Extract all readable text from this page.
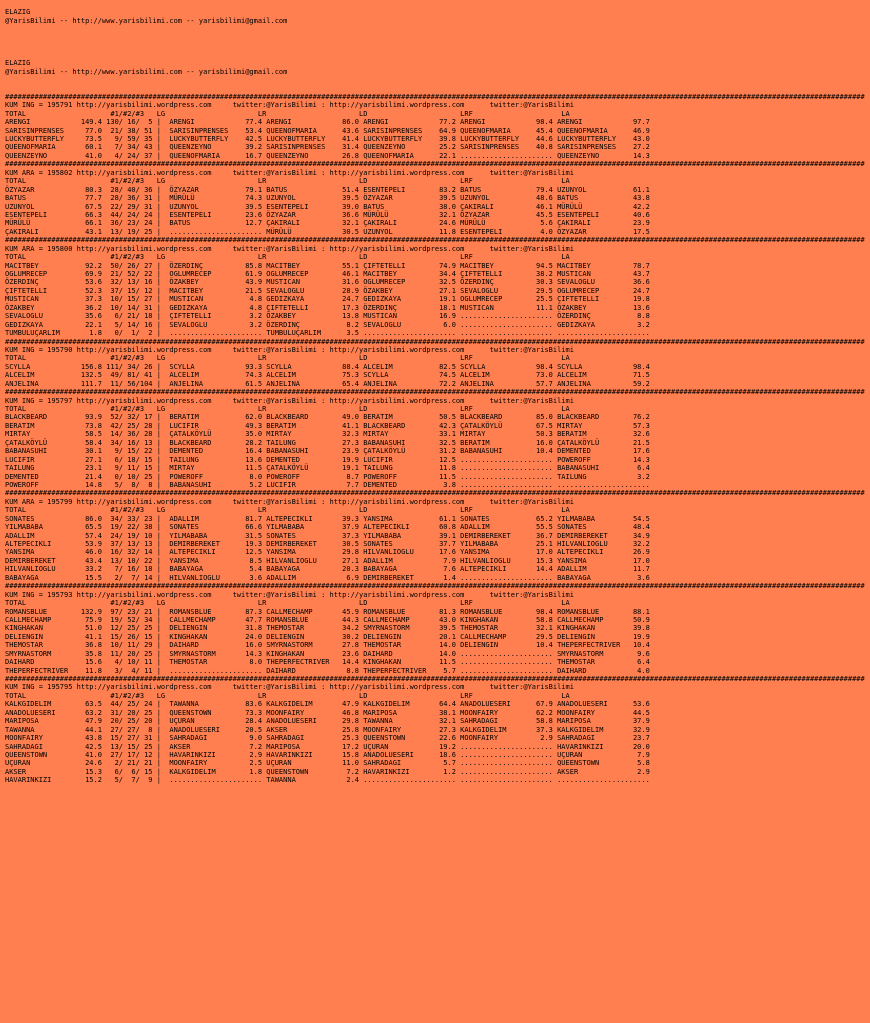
ELAZIG
@YarisBilimi -- http://www.yarisbilimi.com -- yarisbilimi@gmail.com
ELAZIG
@YarisBilimi -- http://www.yarisbilimi.com -- yarisbilimi@gmail.com
############################################################################################################################################################################################################
KUM ING = 195791 http://yarisbilimi.wordpress.com     twitter:@YarisBilimi : http://yarisbilimi.wordpress.com      twitter:@YarisBilimi
TOTAL                    #1/#2/#3   LG                      LR                      LD                      LRF                     LA
ARENGI            149.4 130/ 16/  5 |  ARENGI            77.4 ARENGI            86.0 ARENGI            77.2 ARENGI            98.4 ARENGI            97.7
SARISINPRENSES     77.0  21/ 38/ 51 |  SARISINPRENSES    53.4 QUEENOFMARIA      43.6 SARISINPRENSES    64.9 QUEENOFMARIA      45.4 QUEENOFMARIA      46.9
LUCKYBUTTERFLY     73.5   9/ 59/ 35 |  LUCKYBUTTERFLY    42.5 LUCKYBUTTERFLY    41.4 LUCKYBUTTERFLY    39.8 LUCKYBUTTERFLY    44.6 LUCKYBUTTERFLY    43.0
QUEENOFMARIA       60.1   7/ 34/ 43 |  QUEENZEYNO        39.2 SARISINPRENSES    31.4 QUEENZEYNO        25.2 SARISINPRENSES    40.8 SARISINPRENSES    27.2
QUEENZEYNO         41.0   4/ 24/ 37 |  QUEENOFMARIA      16.7 QUEENZEYNO        26.8 QUEENOFMARIA      22.1 ...................... QUEENZEYNO        14.3
############################################################################################################################################################################################################
KUM ARA = 195802 http://yarisbilimi.wordpress.com     twitter:@YarisBilimi : http://yarisbilimi.wordpress.com      twitter:@YarisBilimi
TOTAL                    #1/#2/#3   LG                      LR                      LD                      LRF                     LA
ÖZYAZAR            80.3  28/ 40/ 36 |  ÖZYAZAR           79.1 BATUS             51.4 ESENTEPELI        83.2 BATUS             79.4 UZUNYOL           61.1
BATUS              77.7  28/ 36/ 31 |  MÜRÜLÜ            74.3 UZUNYOL           39.5 ÖZYAZAR           39.5 UZUNYOL           48.6 BATUS             43.8
UZUNYOL            67.5  22/ 29/ 31 |  UZUNYOL           39.5 ESENTEPELI        39.0 BATUS             38.0 ÇAKIRALI          46.1 MÜRÜLÜ            42.2
ESENTEPELI         66.3  44/ 24/ 24 |  ESENTEPELI        23.6 ÖZYAZAR           36.6 MÜRÜLÜ            32.1 ÖZYAZAR           45.5 ESENTEPELI        40.6
MÜRÜLÜ             66.1  36/ 23/ 24 |  BATUS             12.7 ÇAKIRALI          32.1 ÇAKIRALI          24.6 MÜRÜLÜ             5.6 ÇAKIRALI          23.9
ÇAKIRALI           43.1  13/ 19/ 25 |  ...................... MÜRÜLÜ            30.5 UZUNYOL           11.8 ESENTEPELI         4.0 ÖZYAZAR           17.5
############################################################################################################################################################################################################
KUM ARA = 195800 http://yarisbilimi.wordpress.com     twitter:@YarisBilimi : http://yarisbilimi.wordpress.com      twitter:@YarisBilimi
TOTAL                    #1/#2/#3   LG                      LR                      LD                      LRF                     LA
MACITBEY           92.2  50/ 26/ 27 |  ÖZERDINÇ          85.8 MACITBEY          55.1 ÇIFTETELLI        74.9 MACITBEY          94.5 MACITBEY          78.7
OGLUMRECEP         69.9  21/ 52/ 22 |  OGLUMRECEP        61.9 OGLUMRECEP        46.1 MACITBEY          34.4 ÇIFTETELLI        38.2 MUSTICAN          43.7
ÖZERDINÇ           53.6  32/ 13/ 16 |  ÖZAKBEY           43.9 MUSTICAN          31.6 OGLUMRECEP        32.5 ÖZERDINÇ          30.3 SEVALOGLU         36.6
ÇIFTETELLI         52.3  37/ 15/ 12 |  MACITBEY          21.5 SEVALOGLU         28.9 ÖZAKBEY           27.1 SEVALOGLU         29.5 OGLUMRECEP        24.7
MUSTICAN           37.3  10/ 15/ 27 |  MUSTICAN           4.8 GEDIZKAYA         24.7 GEDIZKAYA         19.1 OGLUMRECEP        25.5 ÇIFTETELLI        19.8
ÖZAKBEY            36.2  10/ 14/ 31 |  GEDIZKAYA          4.8 ÇIFTETELLI        17.3 ÖZERDINÇ          18.1 MUSTICAN          11.1 ÖZAKBEY           13.6
SEVALOGLU          35.6   6/ 21/ 18 |  ÇIFTETELLI         3.2 ÖZAKBEY           13.8 MUSTICAN          16.9 ...................... ÖZERDINÇ           8.8
GEDIZKAYA          22.1   5/ 14/ 16 |  SEVALOGLU          3.2 ÖZERDINÇ           8.2 SEVALOGLU          6.0 ...................... GEDIZKAYA          3.2
TUMBULUÇARLIM       1.8   0/  1/  2 |  ...................... TUMBULUÇARLIM      3.5 ...................... ...................... ......................
############################################################################################################################################################################################################
KUM ING = 195790 http://yarisbilimi.wordpress.com     twitter:@YarisBilimi : http://yarisbilimi.wordpress.com      twitter:@YarisBilimi
TOTAL                    #1/#2/#3   LG                      LR                      LD                      LRF                     LA
SCYLLA            156.8 111/ 34/ 26 |  SCYLLA            93.3 SCYLLA            88.4 ALCELIM           82.5 SCYLLA            98.4 SCYLLA            98.4
ALCELIM           132.5  49/ 81/ 41 |  ALCELIM           74.3 ALCELIM           75.3 SCYLLA            74.5 ALCELIM           73.0 ALCELIM           71.5
ANJELINA          111.7  11/ 56/104 |  ANJELINA          61.5 ANJELINA          65.4 ANJELINA          72.2 ANJELINA          57.7 ANJELINA          59.2
############################################################################################################################################################################################################
KUM ING = 195797 http://yarisbilimi.wordpress.com     twitter:@YarisBilimi : http://yarisbilimi.wordpress.com      twitter:@YarisBilimi
TOTAL                    #1/#2/#3   LG                      LR                      LD                      LRF                     LA
BLACKBEARD         93.9  52/ 32/ 17 |  BERATIM           62.0 BLACKBEARD        49.0 BERATIM           50.5 BLACKBEARD        85.0 BLACKBEARD        76.2
BERATIM            73.8  42/ 25/ 28 |  LUCIFIR           49.3 BERATIM           41.1 BLACKBEARD        42.3 ÇATALKÖYLÜ        67.5 MIRTAY            57.3
MIRTAY             58.5  14/ 36/ 28 |  ÇATALKÖYLÜ        35.0 MIRTAY            32.3 MIRTAY            33.1 MIRTAY            50.3 BERATIM           32.6
ÇATALKÖYLÜ         58.4  34/ 16/ 13 |  BLACKBEARD        28.2 TAILUNG           27.3 BABANASUHI        32.5 BERATIM           16.0 ÇATALKÖYLÜ        21.5
BABANASUHI         30.1   9/ 15/ 22 |  DEMENTED          16.4 BABANASUHI        23.9 ÇATALKÖYLÜ        31.2 BABANASUHI        10.4 DEMENTED          17.6
LUCIFIR            27.1   6/ 18/ 15 |  TAILUNG           13.6 DEMENTED          19.9 LUCIFIR           12.5 ...................... POWEROFF          14.3
TAILUNG            23.1   9/ 11/ 15 |  MIRTAY            11.5 ÇATALKÖYLÜ        19.1 TAILUNG           11.8 ...................... BABANASUHI         6.4
DEMENTED           21.4   0/ 10/ 25 |  POWEROFF           8.0 POWEROFF           8.7 POWEROFF          11.5 ...................... TAILUNG            3.2
POWEROFF           14.8   5/  8/  8 |  BABANASUHI         5.2 LUCIFIR            7.7 DEMENTED           3.8 ...................... ......................
############################################################################################################################################################################################################
KUM ARA = 195799 http://yarisbilimi.wordpress.com     twitter:@YarisBilimi : http://yarisbilimi.wordpress.com      twitter:@YarisBilimi
TOTAL                    #1/#2/#3   LG                      LR                      LD                      LRF                     LA
SONATES            86.0  34/ 33/ 23 |  ADALLIM           81.7 ALTEPECIKLI       39.3 YANSIMA           61.1 SONATES           65.2 YILMABABA         54.5
YILMABABA          65.5  19/ 22/ 38 |  SONATES           66.6 YILMABABA         37.9 ALTEPECIKLI       60.8 ADALLIM           55.5 SONATES           48.4
ADALLIM            57.4  24/ 19/ 10 |  YILMABABA         31.5 SONATES           37.3 YILMABABA         39.1 DEMIRBEREKET      36.7 DEMIRBEREKET      34.9
ALTEPECIKLI        53.9  37/ 13/ 13 |  DEMIRBEREKET      19.3 DEMIRBEREKET      30.5 SONATES           37.7 YILMABABA         25.1 HILVANLIOGLU      32.2
YANSIMA            46.0  16/ 32/ 14 |  ALTEPECIKLI       12.5 YANSIMA           29.8 HILVANLIOGLU      17.6 YANSIMA           17.0 ALTEPECIKLI       26.9
DEMIRBEREKET       43.4  13/ 10/ 22 |  YANSIMA            8.5 HILVANLIOGLU      27.1 ADALLIM            7.9 HILVANLIOGLU      15.3 YANSIMA           17.0
HILVANLIOGLU       33.2   7/ 16/ 18 |  BABAYAGA           5.4 BABAYAGA          20.3 BABAYAGA           7.6 ALTEPECIKLI       14.4 ADALLIM           11.7
BABAYAGA           15.5   2/  7/ 14 |  HILVANLIOGLU       3.6 ADALLIM            6.9 DEMIRBEREKET       1.4 ...................... BABAYAGA           3.6
############################################################################################################################################################################################################
KUM ING = 195793 http://yarisbilimi.wordpress.com     twitter:@YarisBilimi : http://yarisbilimi.wordpress.com      twitter:@YarisBilimi
TOTAL                    #1/#2/#3   LG                      LR                      LD                      LRF                     LA
ROMANSBLUE        132.9  97/ 23/ 21 |  ROMANSBLUE        87.3 CALLMECHAMP       45.9 ROMANSBLUE        81.3 ROMANSBLUE        98.4 ROMANSBLUE        88.1
CALLMECHAMP        75.9  19/ 52/ 34 |  CALLMECHAMP       47.7 ROMANSBLUE        44.3 CALLMECHAMP       43.0 KINGHAKAN         58.8 CALLMECHAMP       50.9
KINGHAKAN          51.0  12/ 25/ 25 |  DELIENGIN         31.8 THEMOSTAR         34.2 SMYRNASTORM       39.5 THEMOSTAR         32.1 KINGHAKAN         39.8
DELIENGIN          41.1  15/ 26/ 15 |  KINGHAKAN         24.0 DELIENGIN         30.2 DELIENGIN         20.1 CALLMECHAMP       29.5 DELIENGIN         19.9
THEMOSTAR          36.8  10/ 11/ 29 |  DAIHARD           16.0 SMYRNASTORM       27.8 THEMOSTAR         14.0 DELIENGIN         10.4 THEPERFECTRIVER   10.4
SMYRNASTORM        35.8  11/ 20/ 25 |  SMYRNASTORM       14.3 KINGHAKAN         23.6 DAIHARD           14.0 ...................... SMYRNASTORM        9.6
DAIHARD            15.6   4/ 10/ 11 |  THEMOSTAR          8.0 THEPERFECTRIVER   14.4 KINGHAKAN         11.5 ...................... THEMOSTAR          6.4
THEPERFECTRIVER    11.8   3/  4/ 11 |  ...................... DAIHARD            8.8 THEPERFECTRIVER    5.7 ...................... DAIHARD            4.0
############################################################################################################################################################################################################
KUM ING = 195795 http://yarisbilimi.wordpress.com     twitter:@YarisBilimi : http://yarisbilimi.wordpress.com      twitter:@YarisBilimi
TOTAL                    #1/#2/#3   LG                      LR                      LD                      LRF                     LA
KALKGIDELIM        63.5  44/ 25/ 24 |  TAWANNA           83.6 KALKGIDELIM       47.9 KALKGIDELIM       64.4 ANADOLUESERI      67.9 ANADOLUESERI      53.6
ANADOLUESERI       63.2  31/ 20/ 25 |  QUEENSTOWN        73.3 MOONFAIRY         46.8 MARIPOSA          38.1 MOONFAIRY         62.2 MOONFAIRY         44.5
MARIPOSA           47.9  20/ 25/ 20 |  UÇURAN            28.4 ANADOLUESERI      29.8 TAWANNA           32.1 SAHRADAGI         58.8 MARIPOSA          37.9
TAWANNA            44.1  27/ 27/  8 |  ANADOLUESERI      20.5 AKSER             25.8 MOONFAIRY         27.3 KALKGIDELIM       37.3 KALKGIDELIM       32.9
MOONFAIRY          43.8  15/ 27/ 31 |  SAHRADAGI          9.0 SAHRADAGI         25.3 QUEENSTOWN        22.6 MOONFAIRY          2.9 SAHRADAGI         23.7
SAHRADAGI          42.5  13/ 15/ 25 |  AKSER              7.2 MARIPOSA          17.2 UÇURAN            19.2 ...................... HAVARINKIZI       20.0
QUEENSTOWN         41.0  27/ 17/ 12 |  HAVARINKIZI        2.9 HAVARINKIZI       15.8 ANADOLUESERI      18.6 ...................... UÇURAN             7.9
UÇURAN             24.6   2/ 21/ 21 |  MOONFAIRY          2.5 UÇURAN            11.0 SAHRADAGI          5.7 ...................... QUEENSTOWN         5.8
AKSER              15.3   6/  6/ 15 |  KALKGIDELIM        1.8 QUEENSTOWN         7.2 HAVARINKIZI        1.2 ...................... AKSER              2.9
HAVARINKIZI        15.2   5/  7/  9 |  ...................... TAWANNA            2.4 ...................... ...................... ......................
